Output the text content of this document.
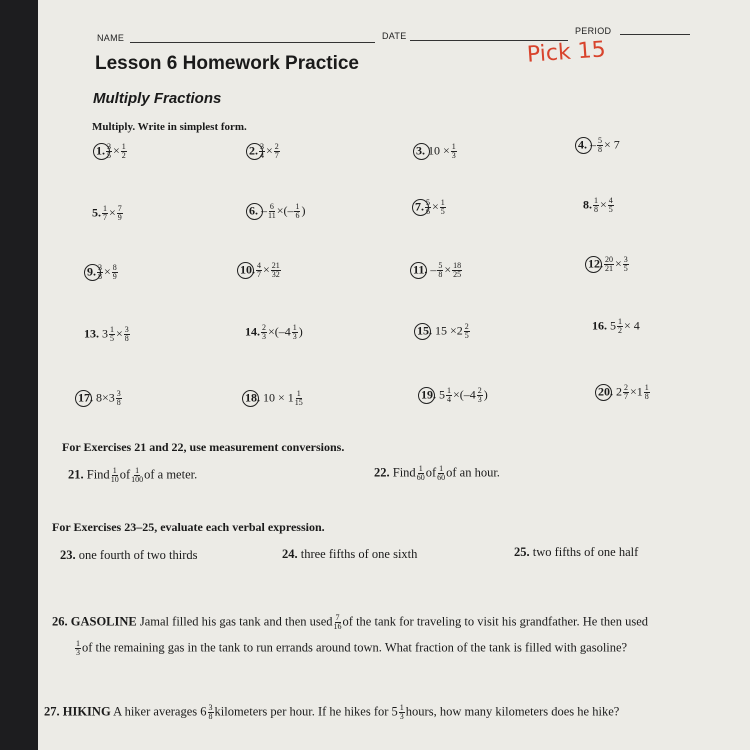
NAME	DATE	PERIOD
Pick 15
Lesson 6 Homework Practice
Multiply Fractions
Multiply. Write in simplest form.
1. $\frac{3}{5} \times \frac{1}{2}$	2. $\frac{3}{4} \times \frac{2}{7}$	3. $10 \times \frac{1}{3}$	4. – $\frac{5}{8} \times 7$
5. $\frac{1}{7} \times \frac{7}{9}$	6. – $\frac{6}{11}$ ×(– $\frac{1}{6}$ )	7. $\frac{5}{6} \times \frac{1}{5}$	8. $\frac{1}{8} \times \frac{4}{5}$
9. $\frac{3}{8} \times \frac{8}{9}$	10. $\frac{4}{7} \times \frac{21}{32}$	11. – $\frac{5}{8} \times \frac{18}{25}$	12. $\frac{20}{21} \times \frac{3}{5}$
13. $3 \frac{1}{5} \times \frac{3}{8}$	14. $\frac{2}{3} \times(-4 \frac{1}{3}$ )	15. $15 \times 2 \frac{2}{5}$	16. $5 \frac{1}{2} \times 4$
17. $8\times 3 \frac{3}{8}$	18. $10 \times 1 \frac{1}{15}$	19. $5 \frac{1}{4} \times(-4 \frac{2}{3}$ )	20. $2 \frac{2}{7} \times 1 \frac{1}{8}$
For Exercises 21 and 22, use measurement conversions.
21. Find $\frac{1}{10}$ of $\frac{1}{100}$ of a meter.	22. Find $\frac{1}{60}$ of $\frac{1}{60}$ of an hour.
For Exercises 23–25, evaluate each verbal expression.
23. one fourth of two thirds	24. three fifths of one sixth	25. two fifths of one half
26. GASOLINE Jamal filled his gas tank and then used $\frac{7}{16}$ of the tank for traveling to visit his grandfather. He then used
$\frac{1}{3}$ of the remaining gas in the tank to run errands around town. What fraction of the tank is filled with gasoline?
27. HIKING A hiker averages $6 \frac{3}{8}$ kilometers per hour. If he hikes for $5 \frac{1}{3}$ hours, how many kilometers does he hike?
